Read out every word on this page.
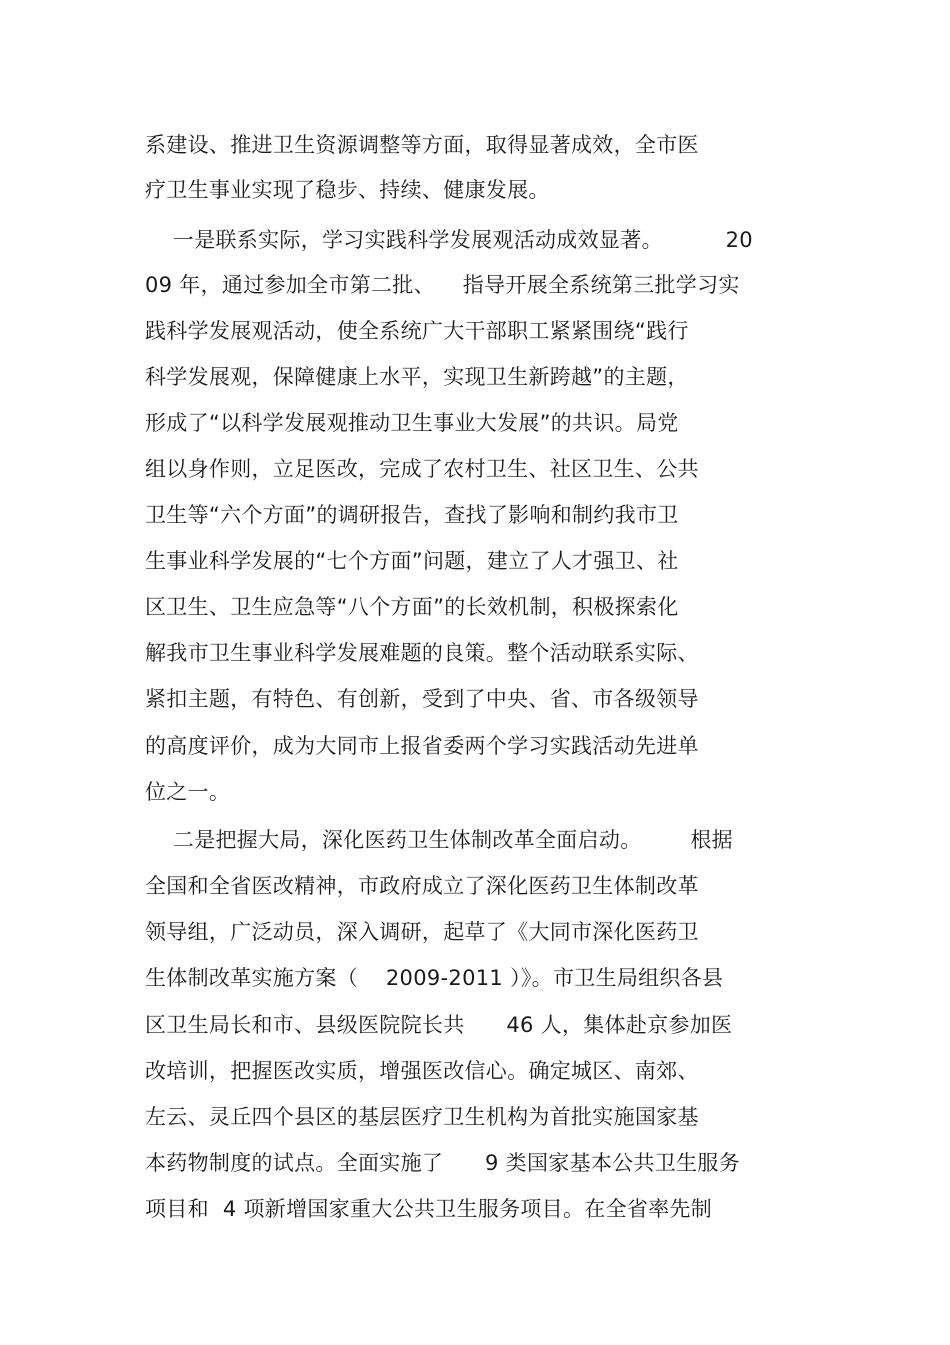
系建设、推进卫生资源调整等方面，取得显著成效，全市医
疗卫生事业实现了稳步、持续、健康发展。
一是联系实际，学习实践科学发展观活动成效显著。         20
09 年，通过参加全市第二批、    指导开展全系统第三批学习实
践科学发展观活动，使全系统广大干部职工紧紧围绕“践行
科学发展观，保障健康上水平，实现卫生新跨越”的主题，
形成了“以科学发展观推动卫生事业大发展”的共识。局党
组以身作则，立足医改，完成了农村卫生、社区卫生、公共
卫生等“六个方面”的调研报告，查找了影响和制约我市卫
生事业科学发展的“七个方面”问题，建立了人才强卫、社
区卫生、卫生应急等“八个方面”的长效机制，积极探索化
解我市卫生事业科学发展难题的良策。整个活动联系实际、
紧扣主题，有特色、有创新，受到了中央、省、市各级领导
的高度评价，成为大同市上报省委两个学习实践活动先进单
位之一。
二是把握大局，深化医药卫生体制改革全面启动。       根据
全国和全省医改精神，市政府成立了深化医药卫生体制改革
领导组，广泛动员，深入调研，起草了《大同市深化医药卫
生体制改革实施方案（    2009-2011 ）》。市卫生局组织各县
区卫生局长和市、县级医院院长共      46 人，集体赴京参加医
改培训，把握医改实质，增强医改信心。确定城区、南郊、
左云、灵丘四个县区的基层医疗卫生机构为首批实施国家基
本药物制度的试点。全面实施了      9 类国家基本公共卫生服务
项目和  4 项新增国家重大公共卫生服务项目。在全省率先制
